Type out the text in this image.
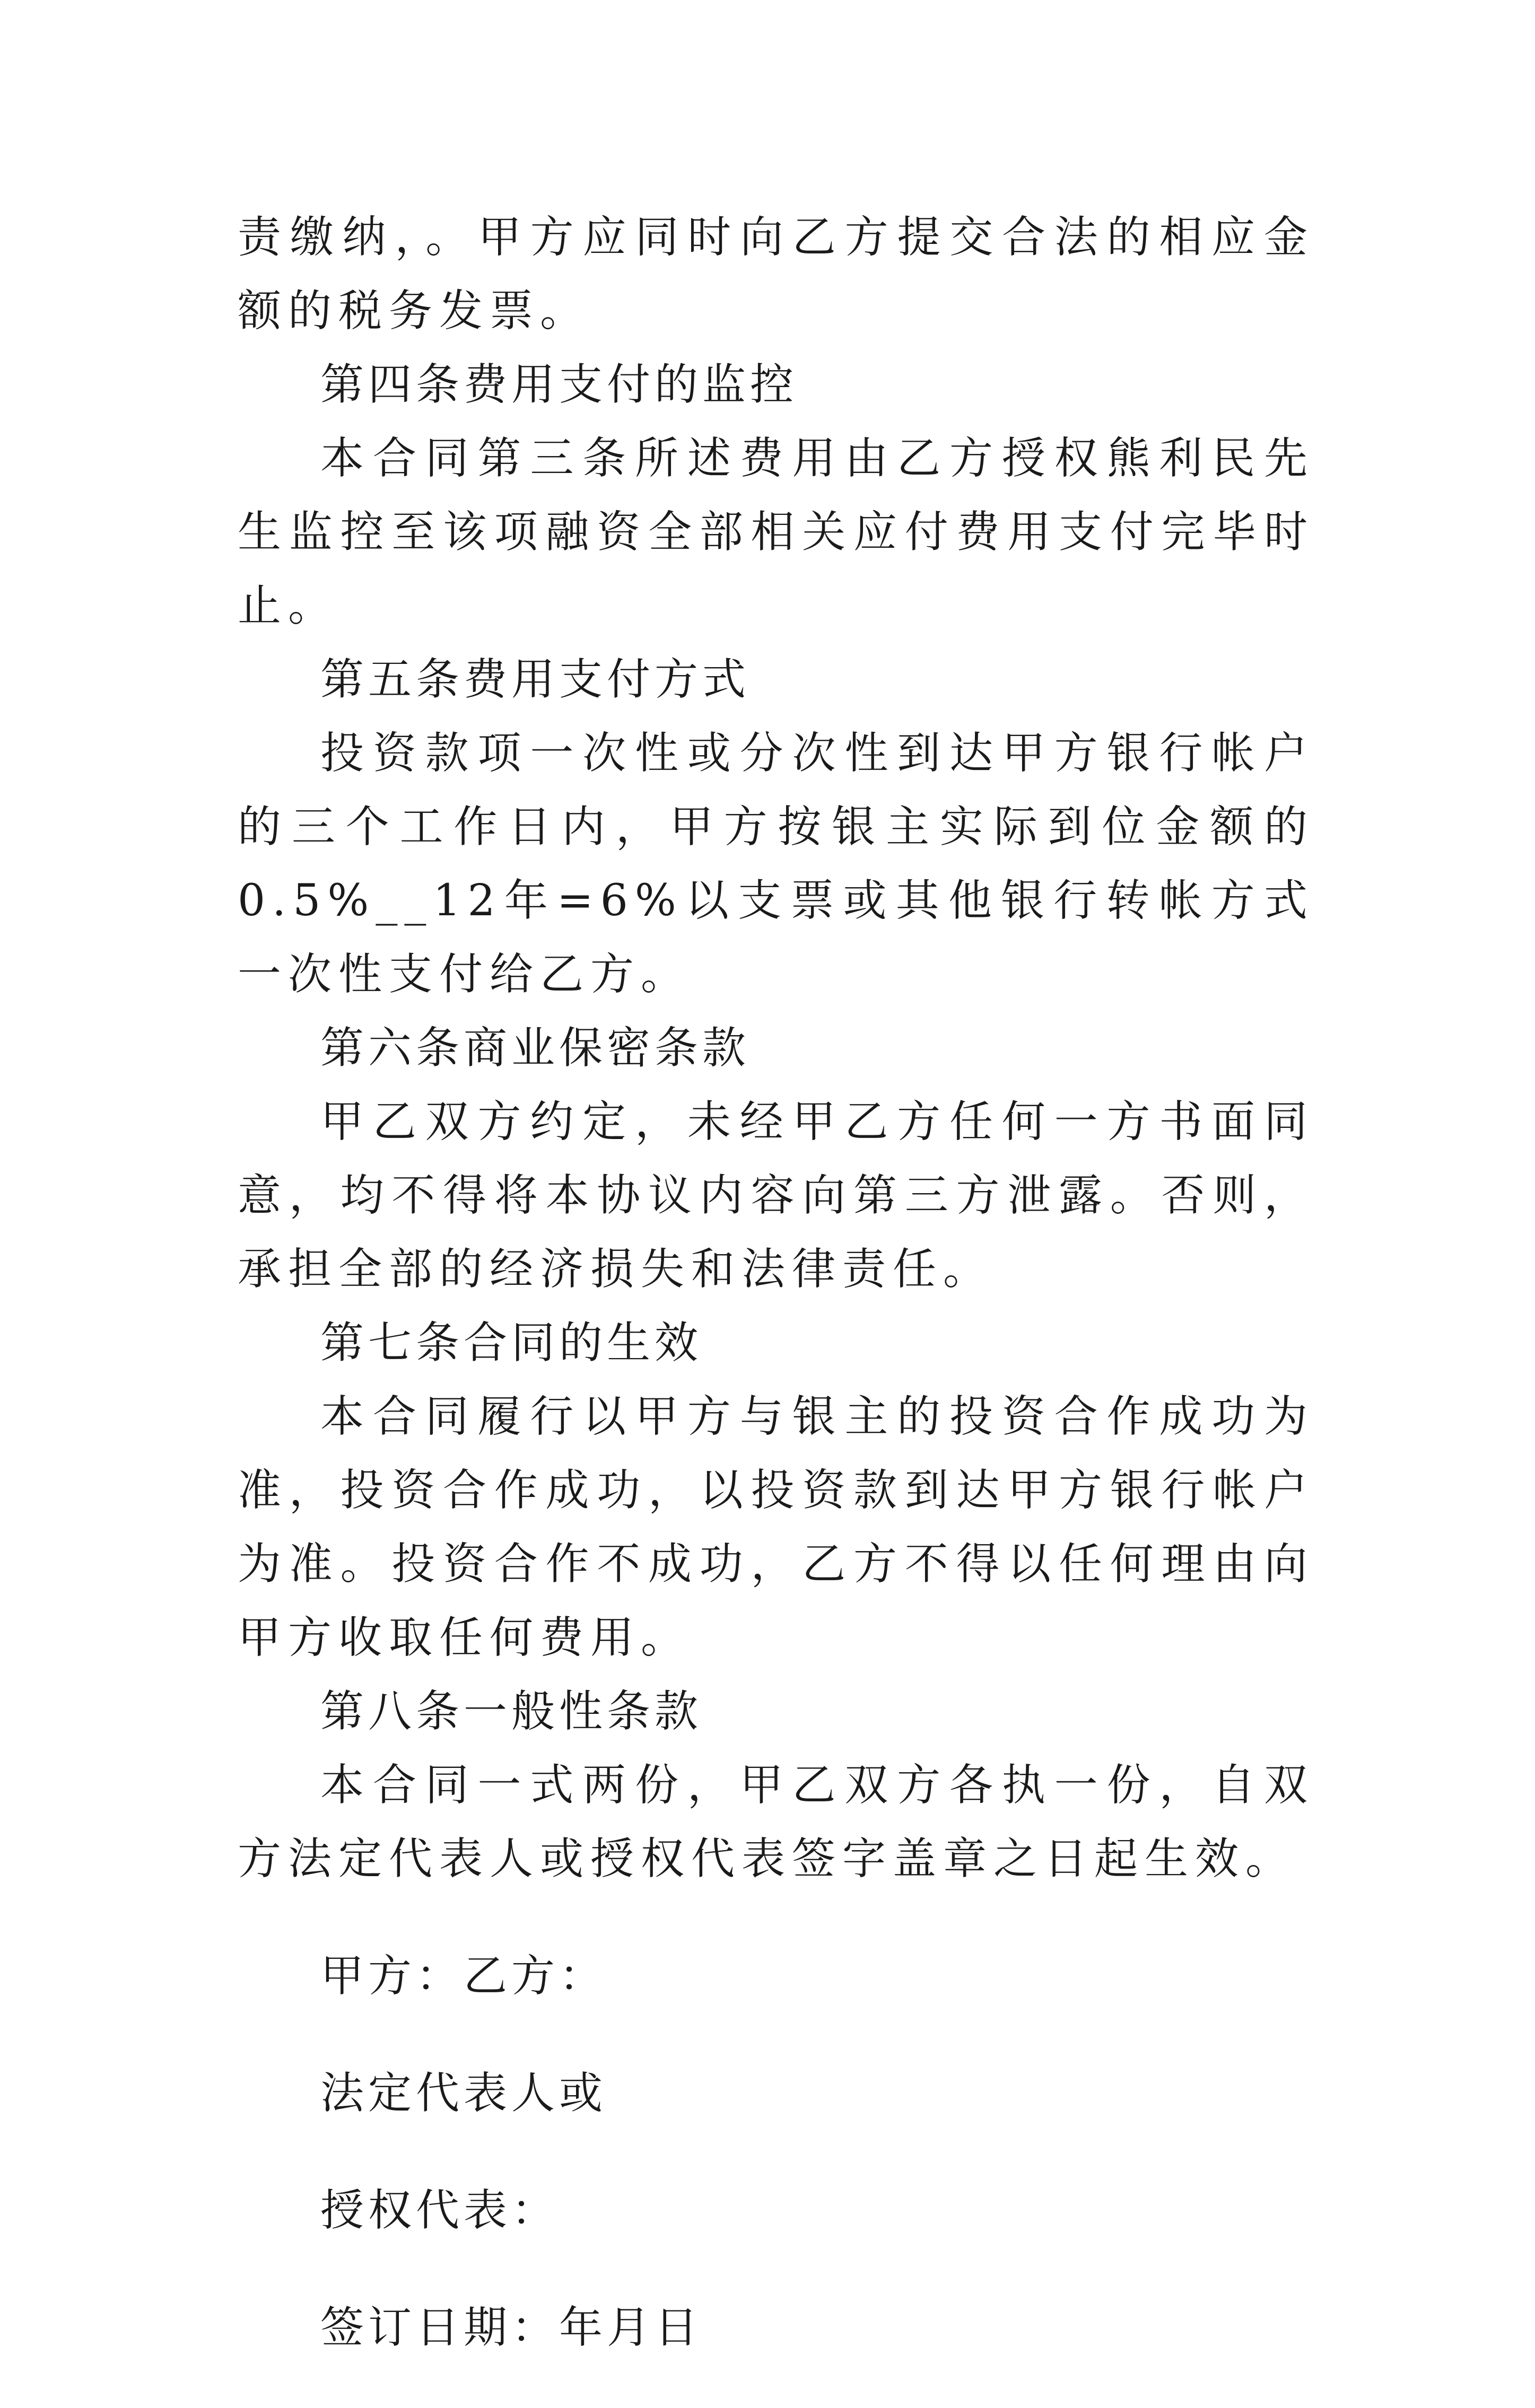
责缴纳，。甲方应同时向乙方提交合法的相应金额的税务发票。

第四条费用支付的监控

本合同第三条所述费用由乙方授权熊利民先生监控至该项融资全部相关应付费用支付完毕时止。

第五条费用支付方式

投资款项一次性或分次性到达甲方银行帐户的三个工作日内，甲方按银主实际到位金额的0.5%__12年=6%以支票或其他银行转帐方式一次性支付给乙方。

第六条商业保密条款

甲乙双方约定，未经甲乙方任何一方书面同意，均不得将本协议内容向第三方泄露。否则，承担全部的经济损失和法律责任。

第七条合同的生效

本合同履行以甲方与银主的投资合作成功为准，投资合作成功，以投资款到达甲方银行帐户为准。投资合作不成功，乙方不得以任何理由向甲方收取任何费用。

第八条一般性条款

本合同一式两份，甲乙双方各执一份，自双方法定代表人或授权代表签字盖章之日起生效。

甲方：乙方：

法定代表人或

授权代表：

签订日期：年月日
